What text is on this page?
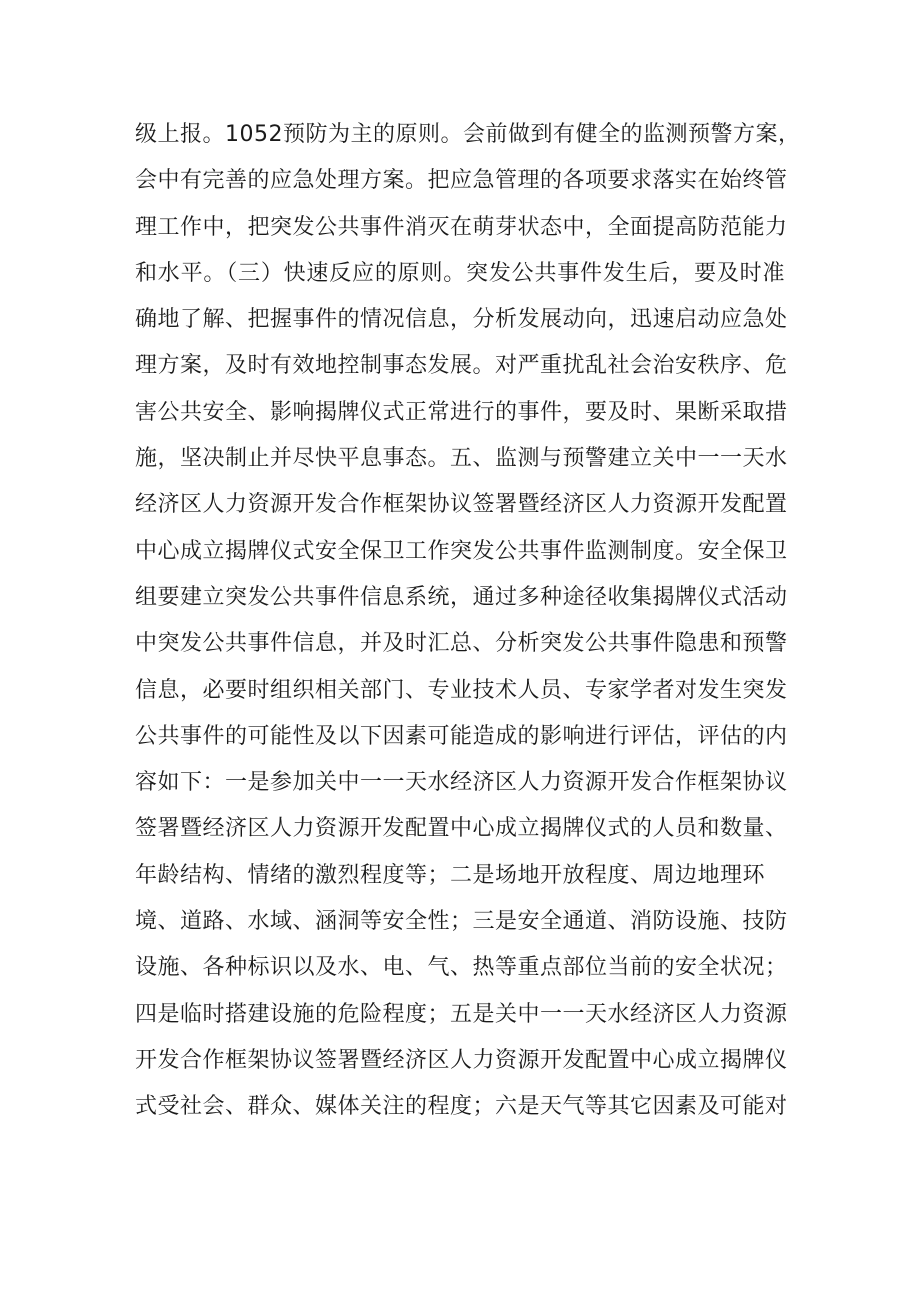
级上报。1052预防为主的原则。会前做到有健全的监测预警方案，
会中有完善的应急处理方案。把应急管理的各项要求落实在始终管
理工作中，把突发公共事件消灭在萌芽状态中，全面提高防范能力
和水平。（三）快速反应的原则。突发公共事件发生后，要及时准
确地了解、把握事件的情况信息，分析发展动向，迅速启动应急处
理方案，及时有效地控制事态发展。对严重扰乱社会治安秩序、危
害公共安全、影响揭牌仪式正常进行的事件，要及时、果断采取措
施，坚决制止并尽快平息事态。五、监测与预警建立关中一一天水
经济区人力资源开发合作框架协议签署暨经济区人力资源开发配置
中心成立揭牌仪式安全保卫工作突发公共事件监测制度。安全保卫
组要建立突发公共事件信息系统，通过多种途径收集揭牌仪式活动
中突发公共事件信息，并及时汇总、分析突发公共事件隐患和预警
信息，必要时组织相关部门、专业技术人员、专家学者对发生突发
公共事件的可能性及以下因素可能造成的影响进行评估，评估的内
容如下：一是参加关中一一天水经济区人力资源开发合作框架协议
签署暨经济区人力资源开发配置中心成立揭牌仪式的人员和数量、
年龄结构、情绪的激烈程度等；二是场地开放程度、周边地理环
境、道路、水域、涵洞等安全性；三是安全通道、消防设施、技防
设施、各种标识以及水、电、气、热等重点部位当前的安全状况；
四是临时搭建设施的危险程度；五是关中一一天水经济区人力资源
开发合作框架协议签署暨经济区人力资源开发配置中心成立揭牌仪
式受社会、群众、媒体关注的程度；六是天气等其它因素及可能对
